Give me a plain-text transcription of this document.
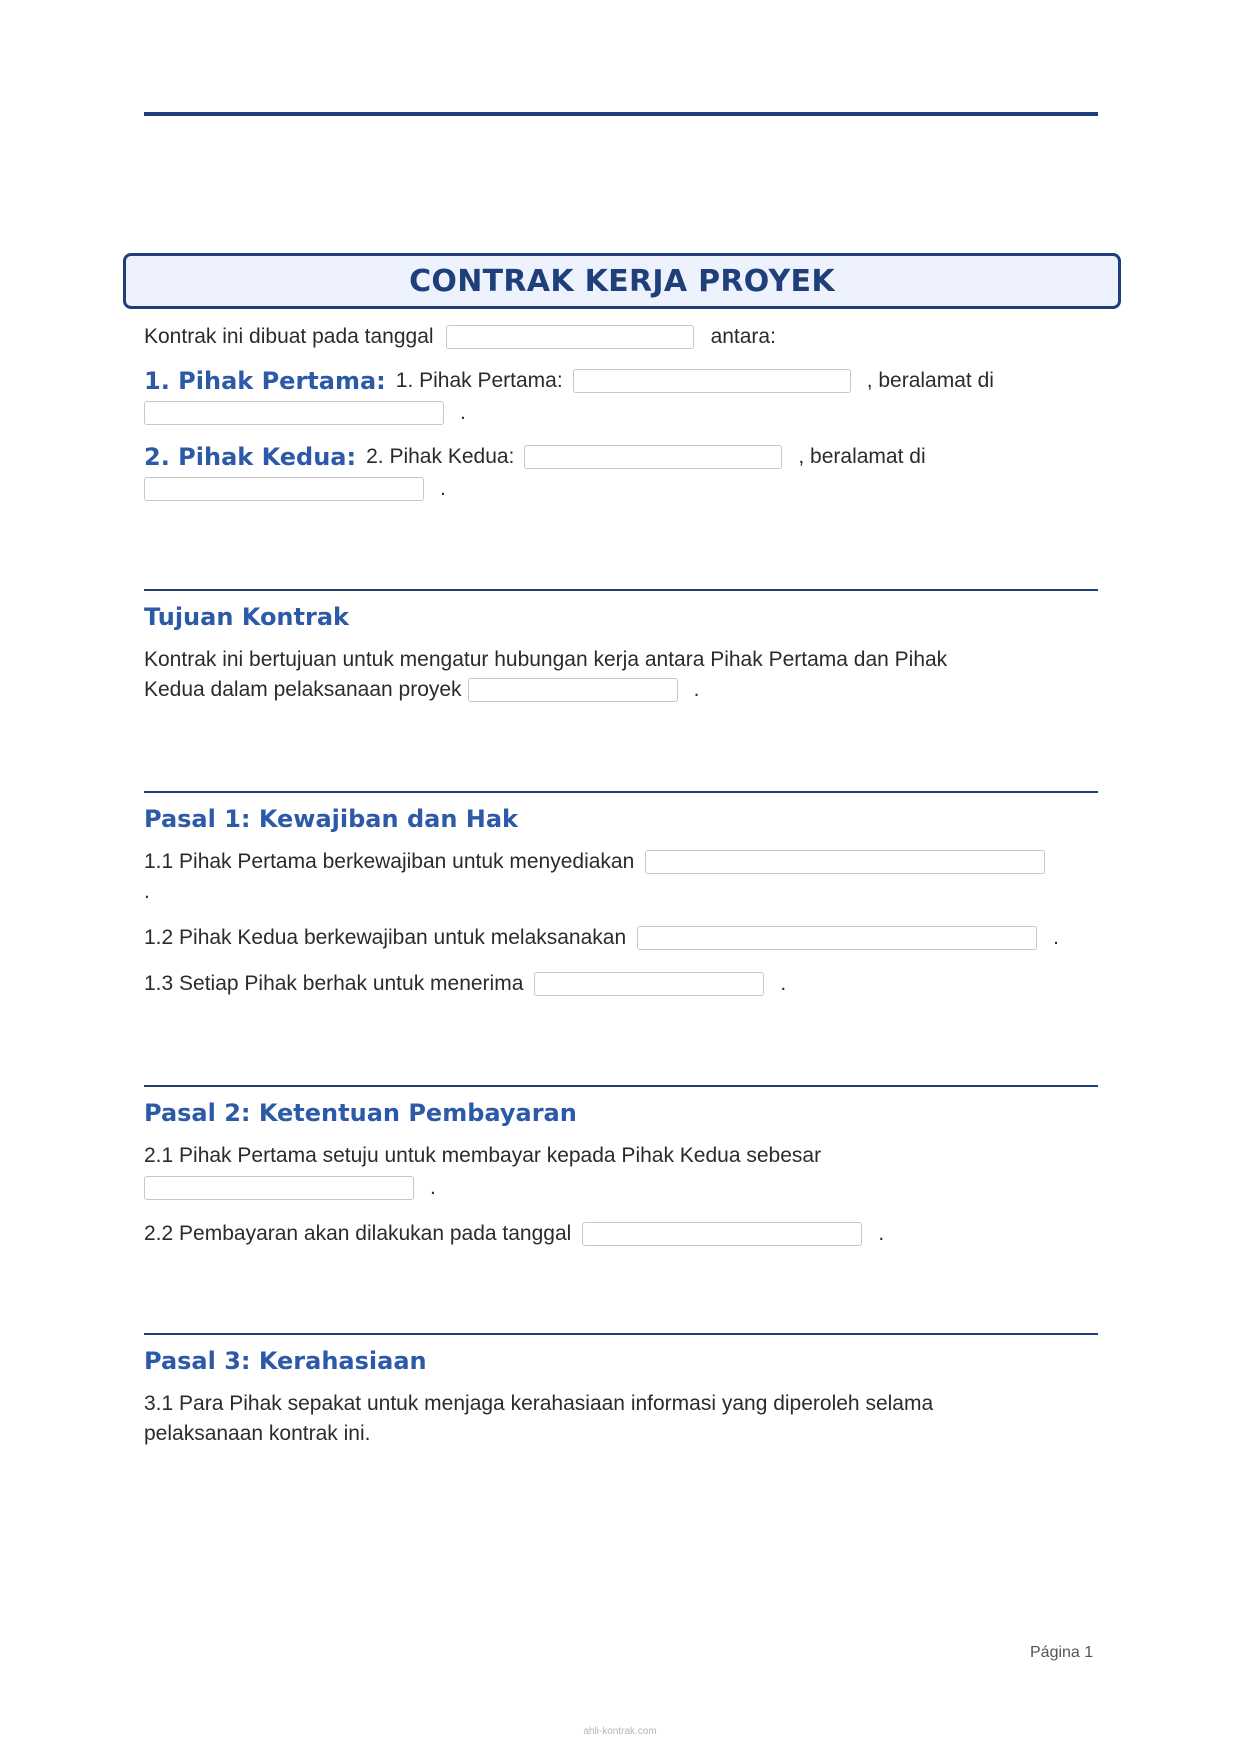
CONTRAK KERJA PROYEK
Kontrak ini dibuat pada tanggal	antara:
1. Pihak Pertama: 1. Pihak Pertama:	, beralamat di
.
2. Pihak Kedua: 2. Pihak Kedua:	, beralamat di
.
Tujuan Kontrak
Kontrak ini bertujuan untuk mengatur hubungan kerja antara Pihak Pertama dan Pihak
Kedua dalam pelaksanaan proyek	.
Pasal 1: Kewajiban dan Hak
1.1 Pihak Pertama berkewajiban untuk menyediakan
.
1.2 Pihak Kedua berkewajiban untuk melaksanakan	.
1.3 Setiap Pihak berhak untuk menerima	.
Pasal 2: Ketentuan Pembayaran
2.1 Pihak Pertama setuju untuk membayar kepada Pihak Kedua sebesar
.
2.2 Pembayaran akan dilakukan pada tanggal	.
Pasal 3: Kerahasiaan
3.1 Para Pihak sepakat untuk menjaga kerahasiaan informasi yang diperoleh selama
pelaksanaan kontrak ini.
Página 1
ahli-kontrak.com
